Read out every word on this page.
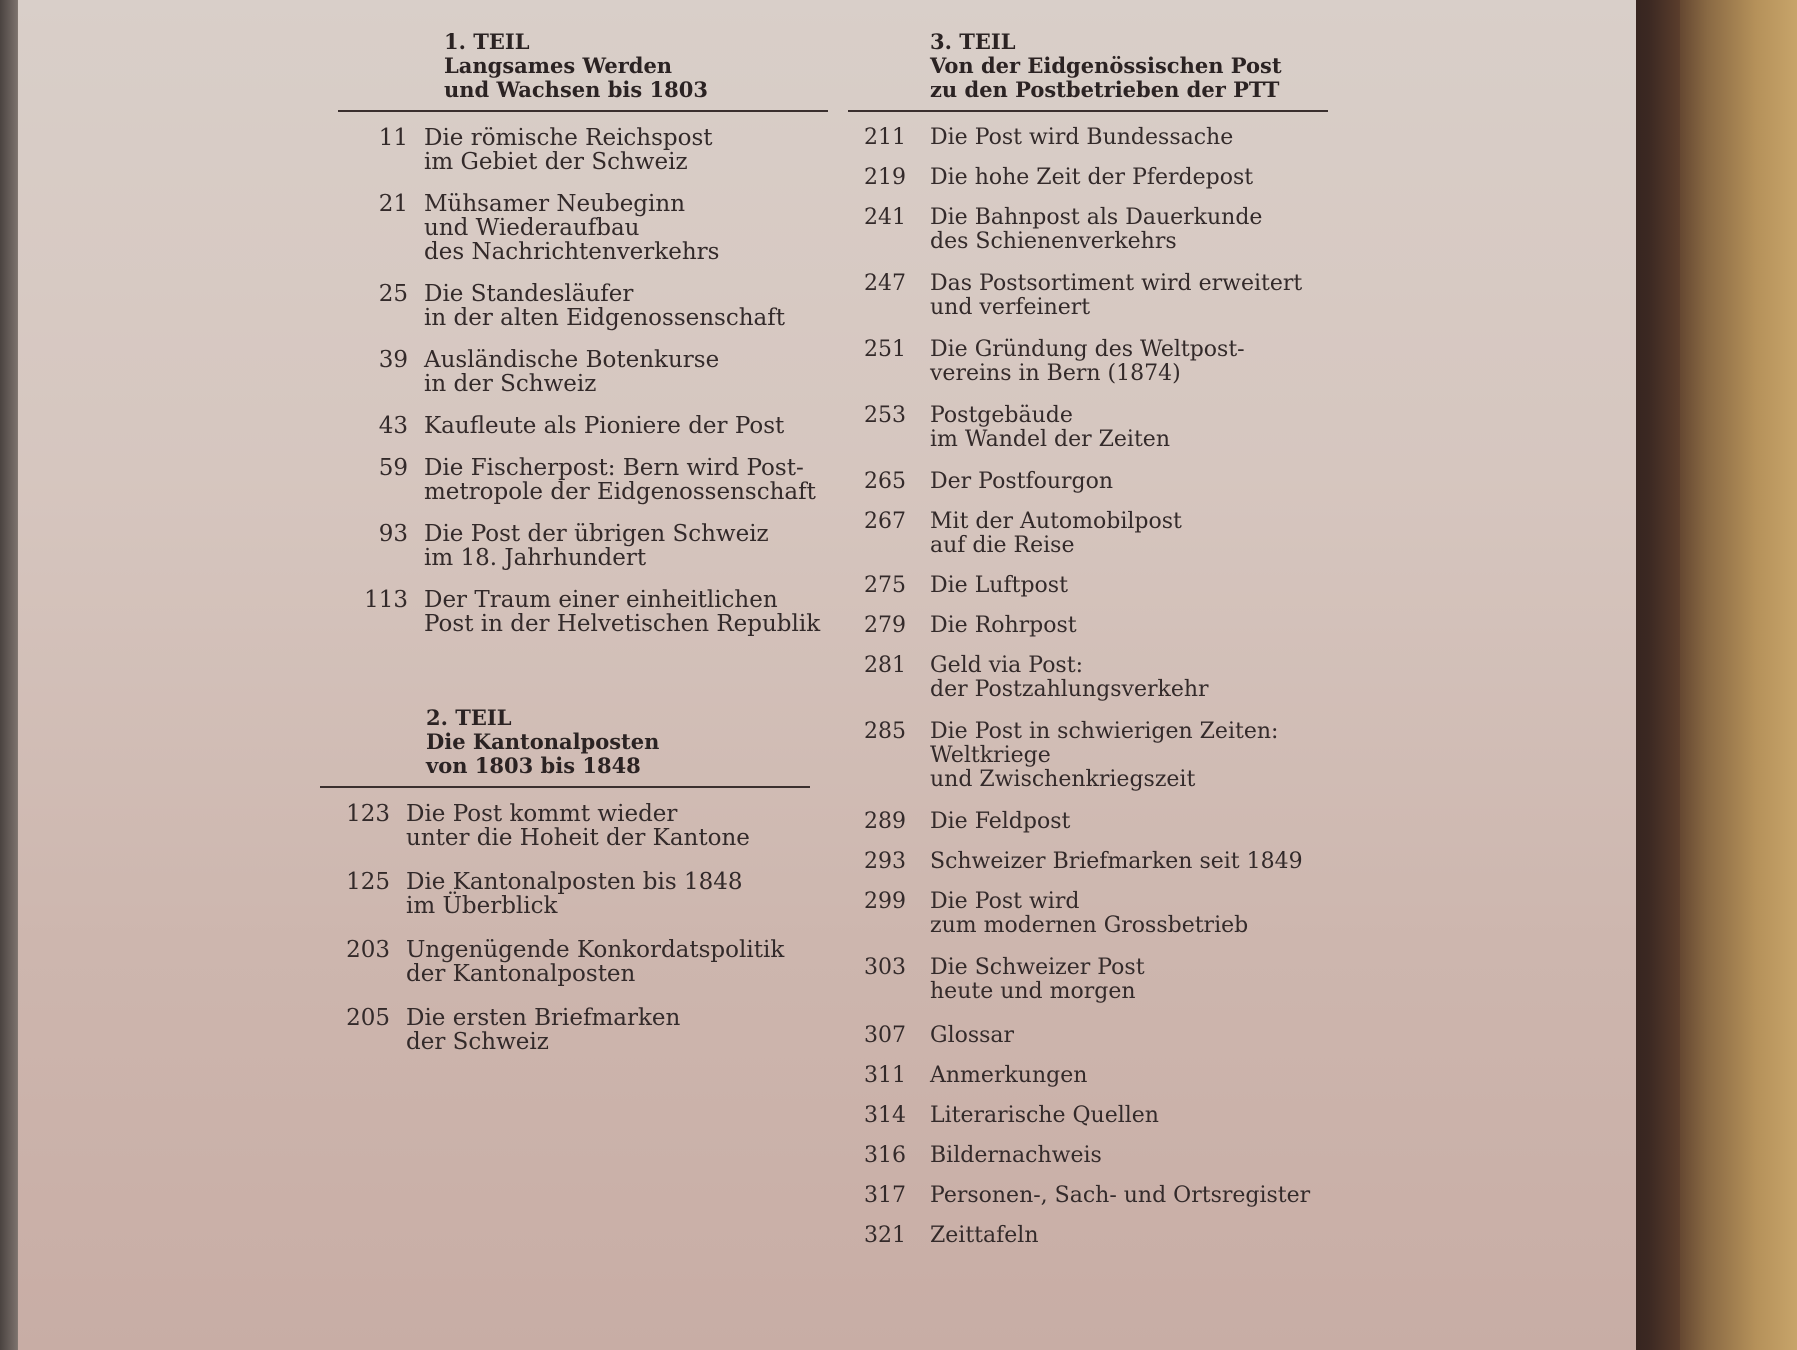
1. TEIL
Langsames Werden
und Wachsen bis 1803
11 Die römische Reichspost
im Gebiet der Schweiz
21 Mühsamer Neubeginn
und Wiederaufbau
des Nachrichtenverkehrs
25 Die Standesläufer
in der alten Eidgenossenschaft
39 Ausländische Botenkurse
in der Schweiz
43 Kaufleute als Pioniere der Post
59 Die Fischerpost: Bern wird Post-
metropole der Eidgenossenschaft
93 Die Post der übrigen Schweiz
im 18. Jahrhundert
113 Der Traum einer einheitlichen
Post in der Helvetischen Republik
2. TEIL
Die Kantonalposten
von 1803 bis 1848
123 Die Post kommt wieder
unter die Hoheit der Kantone
125 Die Kantonalposten bis 1848
im Überblick
203 Ungenügende Konkordatspolitik
der Kantonalposten
205 Die ersten Briefmarken
der Schweiz
3. TEIL
Von der Eidgenössischen Post
zu den Postbetrieben der PTT
211	Die Post wird Bundessache
219	Die hohe Zeit der Pferdepost
241	Die Bahnpost als Dauerkunde
des Schienenverkehrs
247	Das Postsortiment wird erweitert
und verfeinert
251	Die Gründung des Weltpost-
vereins in Bern (1874)
253	Postgebäude
im Wandel der Zeiten
265	Der Postfourgon
267	Mit der Automobilpost
auf die Reise
275	Die Luftpost
279	Die Rohrpost
281	Geld via Post:
der Postzahlungsverkehr
285	Die Post in schwierigen Zeiten:
Weltkriege
und Zwischenkriegszeit
289	Die Feldpost
293	Schweizer Briefmarken seit 1849
299	Die Post wird
zum modernen Grossbetrieb
303	Die Schweizer Post
heute und morgen
307	Glossar
311	Anmerkungen
314	Literarische Quellen
316	Bildernachweis
317	Personen-, Sach- und Ortsregister
321	Zeittafeln
